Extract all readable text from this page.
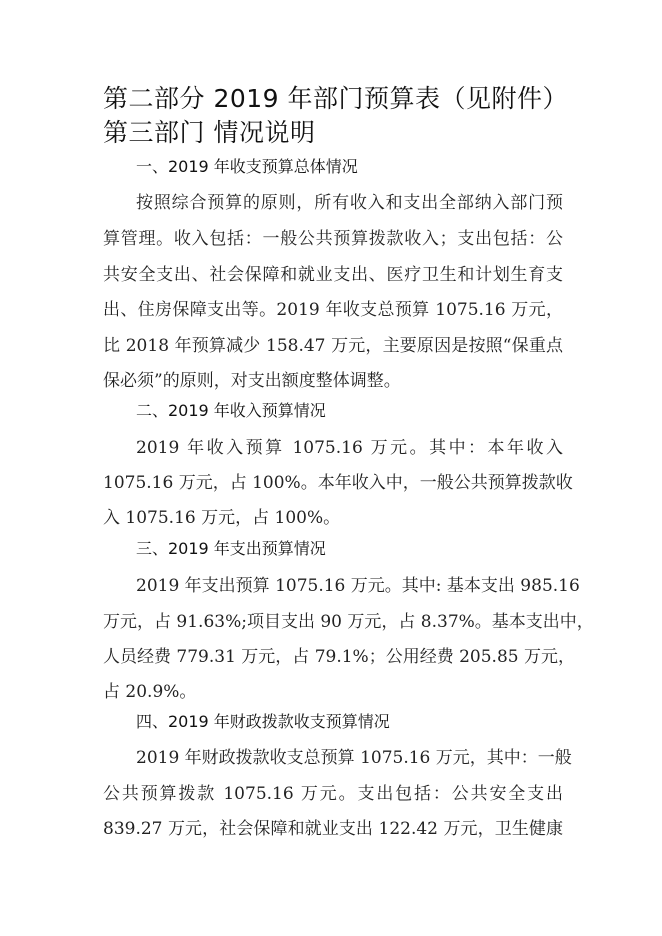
第二部分 2019 年部门预算表（见附件）
第三部门 情况说明
一、2019 年收支预算总体情况
按照综合预算的原则，所有收入和支出全部纳入部门预
算管理。收入包括：一般公共预算拨款收入；支出包括：公
共安全支出、社会保障和就业支出、医疗卫生和计划生育支
出、住房保障支出等。2019 年收支总预算 1075.16 万元，
比 2018 年预算减少 158.47 万元，主要原因是按照“保重点
保必须”的原则，对支出额度整体调整。
二、2019 年收入预算情况
2019 年收入预算 1075.16 万元。其中：本年收入
1075.16 万元，占 100%。本年收入中，一般公共预算拨款收
入 1075.16 万元，占 100%。
三、2019 年支出预算情况
2019 年支出预算 1075.16 万元。其中: 基本支出 985.16
万元，占 91.63%;项目支出 90 万元，占 8.37%。基本支出中，
人员经费 779.31 万元，占 79.1%；公用经费 205.85 万元，
占 20.9%。
四、2019 年财政拨款收支预算情况
2019 年财政拨款收支总预算 1075.16 万元，其中：一般
公共预算拨款 1075.16 万元。支出包括：公共安全支出
839.27 万元，社会保障和就业支出 122.42 万元，卫生健康
